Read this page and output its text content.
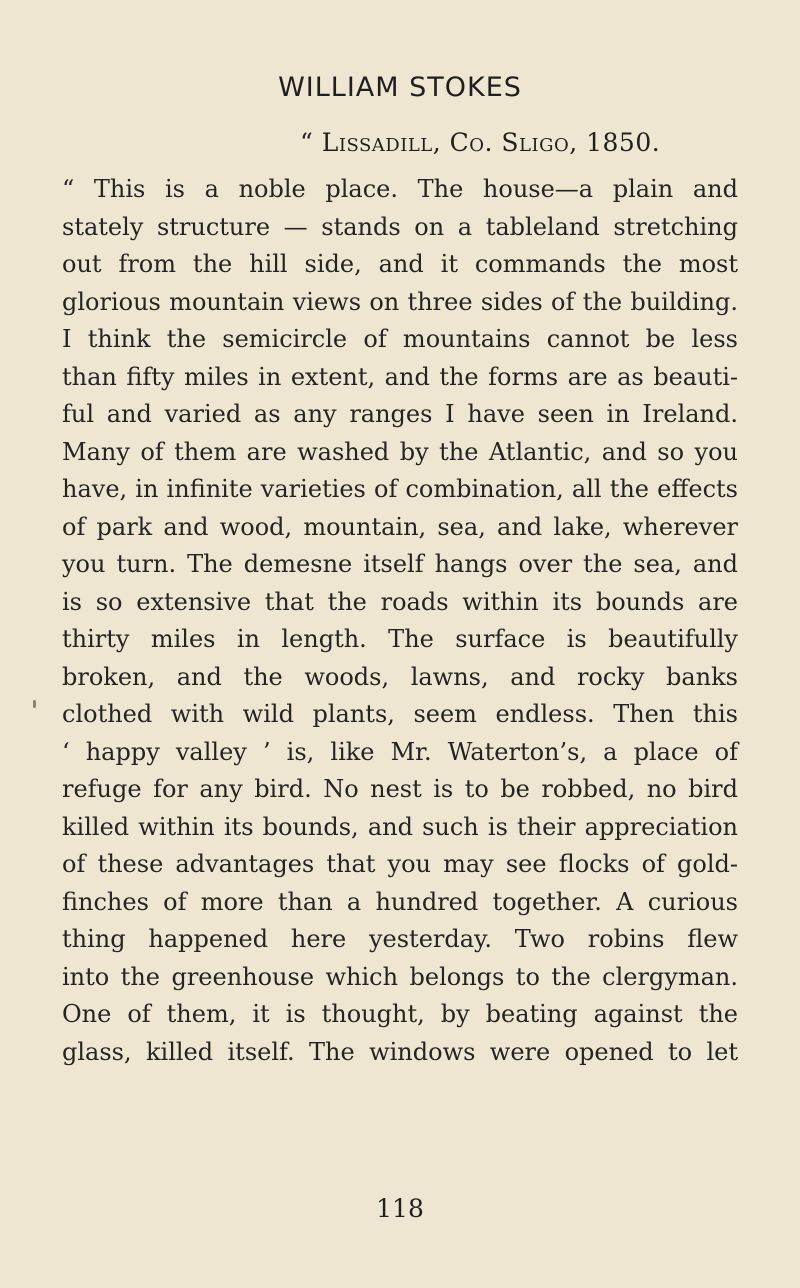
WILLIAM STOKES
“ Lissadill, Co. Sligo, 1850.
“ This is a noble place. The house—a plain and
stately structure — stands on a tableland stretching
out from the hill side, and it commands the most
glorious mountain views on three sides of the building.
I think the semicircle of mountains cannot be less
than fifty miles in extent, and the forms are as beauti-
ful and varied as any ranges I have seen in Ireland.
Many of them are washed by the Atlantic, and so you
have, in infinite varieties of combination, all the effects
of park and wood, mountain, sea, and lake, wherever
you turn. The demesne itself hangs over the sea, and
is so extensive that the roads within its bounds are
thirty miles in length. The surface is beautifully
broken, and the woods, lawns, and rocky banks
clothed with wild plants, seem endless. Then this
‘ happy valley ’ is, like Mr. Waterton’s, a place of
refuge for any bird. No nest is to be robbed, no bird
killed within its bounds, and such is their appreciation
of these advantages that you may see flocks of gold-
finches of more than a hundred together. A curious
thing happened here yesterday. Two robins flew
into the greenhouse which belongs to the clergyman.
One of them, it is thought, by beating against the
glass, killed itself. The windows were opened to let
118
